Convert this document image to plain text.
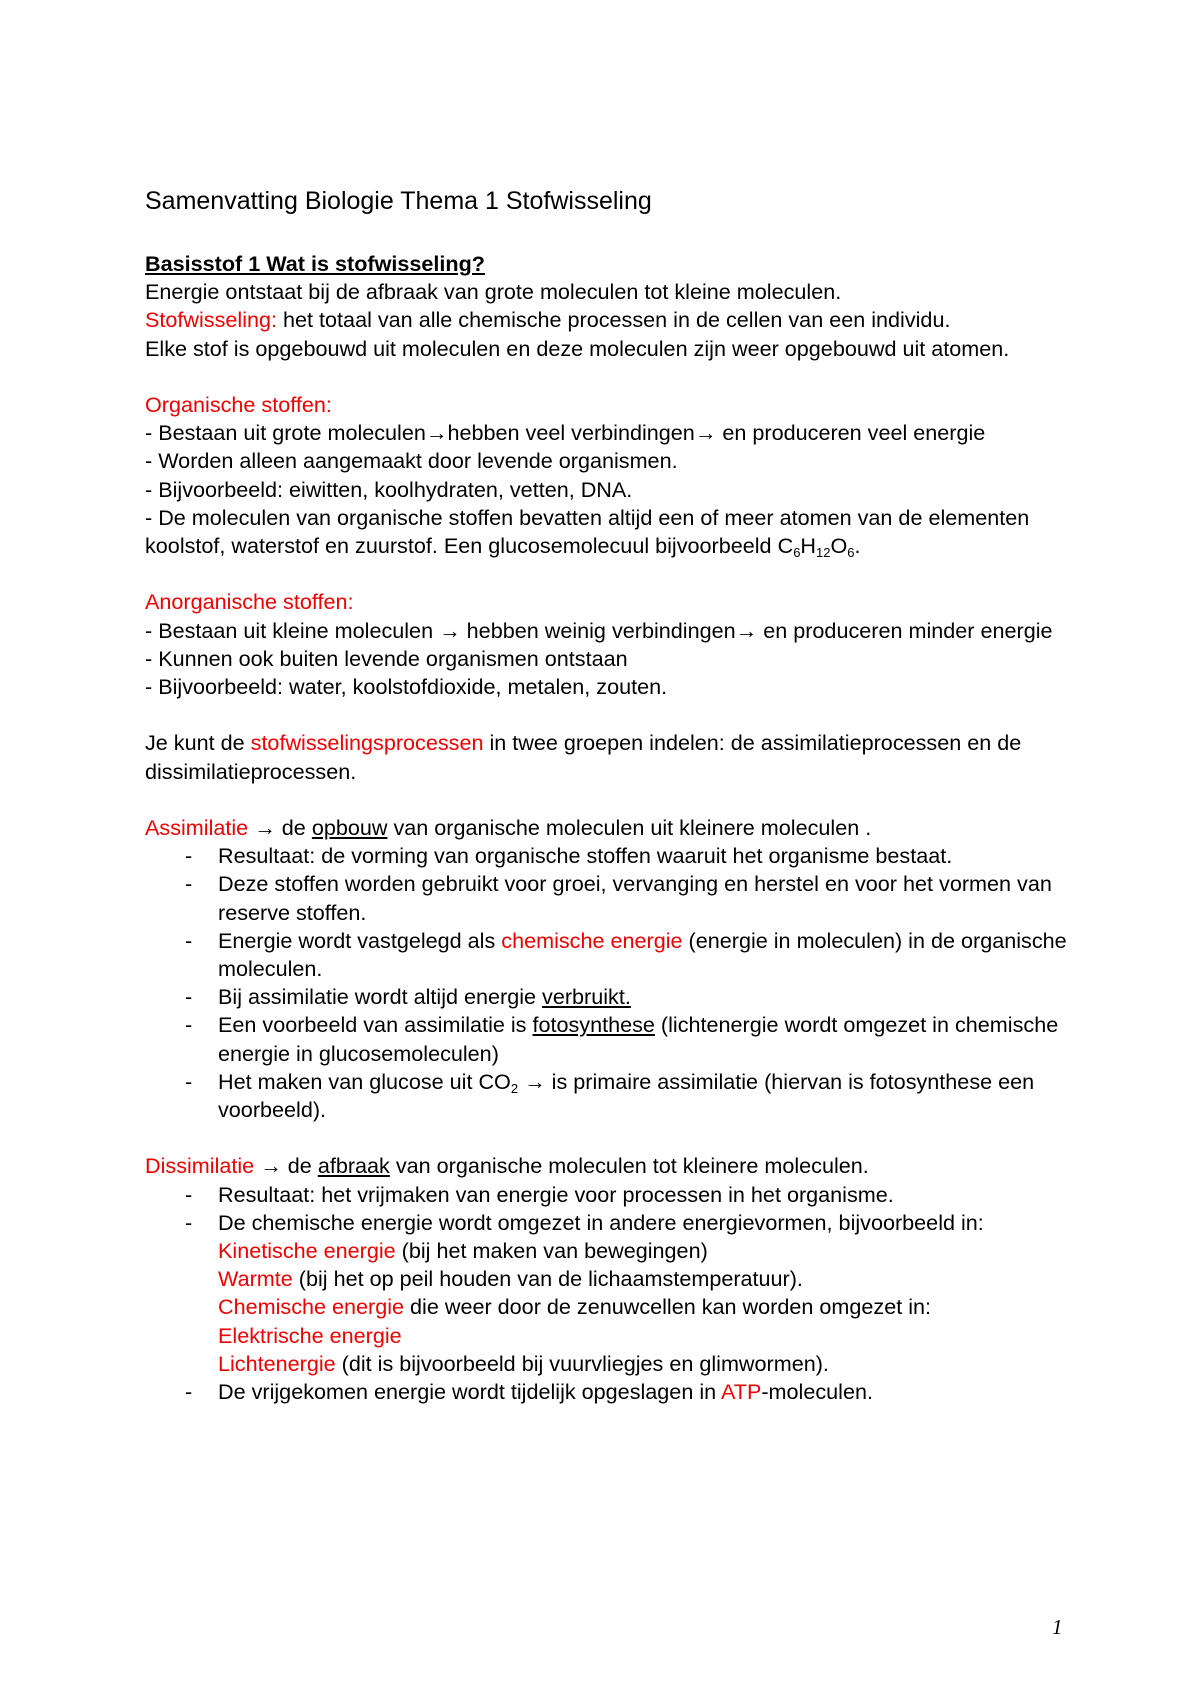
Samenvatting Biologie Thema 1 Stofwisseling

Basisstof 1 Wat is stofwisseling?

Energie ontstaat bij de afbraak van grote moleculen tot kleine moleculen.

Stofwisseling: het totaal van alle chemische processen in de cellen van een individu.

Elke stof is opgebouwd uit moleculen en deze moleculen zijn weer opgebouwd uit atomen.

Organische stoffen:

- Bestaan uit grote moleculen→hebben veel verbindingen→ en produceren veel energie

- Worden alleen aangemaakt door levende organismen.

- Bijvoorbeeld: eiwitten, koolhydraten, vetten, DNA.

- De moleculen van organische stoffen bevatten altijd een of meer atomen van de elementen koolstof, waterstof en zuurstof. Een glucosemolecuul bijvoorbeeld $C_6H_{12}O_6$.

Anorganische stoffen:

- Bestaan uit kleine moleculen → hebben weinig verbindingen→ en produceren minder energie

- Kunnen ook buiten levende organismen ontstaan

- Bijvoorbeeld: water, koolstofdioxide, metalen, zouten.

Je kunt de stofwisselingsprocessen in twee groepen indelen: de assimilatieprocessen en de dissimilatieprocessen.

Assimilatie → de opbouw van organische moleculen uit kleinere moleculen .

- Resultaat: de vorming van organische stoffen waaruit het organisme bestaat.
- Deze stoffen worden gebruikt voor groei, vervanging en herstel en voor het vormen van reserve stoffen.
- Energie wordt vastgelegd als chemische energie (energie in moleculen) in de organische moleculen.
- Bij assimilatie wordt altijd energie verbruikt.
- Een voorbeeld van assimilatie is fotosynthese (lichtenergie wordt omgezet in chemische energie in glucosemoleculen)
- Het maken van glucose uit $CO_2$ → is primaire assimilatie (hiervan is fotosynthese een voorbeeld).

Dissimilatie → de afbraak van organische moleculen tot kleinere moleculen.

- Resultaat: het vrijmaken van energie voor processen in het organisme.
- De chemische energie wordt omgezet in andere energievormen, bijvoorbeeld in:
Kinetische energie (bij het maken van bewegingen)
Warmte (bij het op peil houden van de lichaamstemperatuur).
Chemische energie die weer door de zenuwcellen kan worden omgezet in:
Elektrische energie
Lichtenergie (dit is bijvoorbeeld bij vuurvliegjes en glimwormen).
- De vrijgekomen energie wordt tijdelijk opgeslagen in ATP-moleculen.
1
